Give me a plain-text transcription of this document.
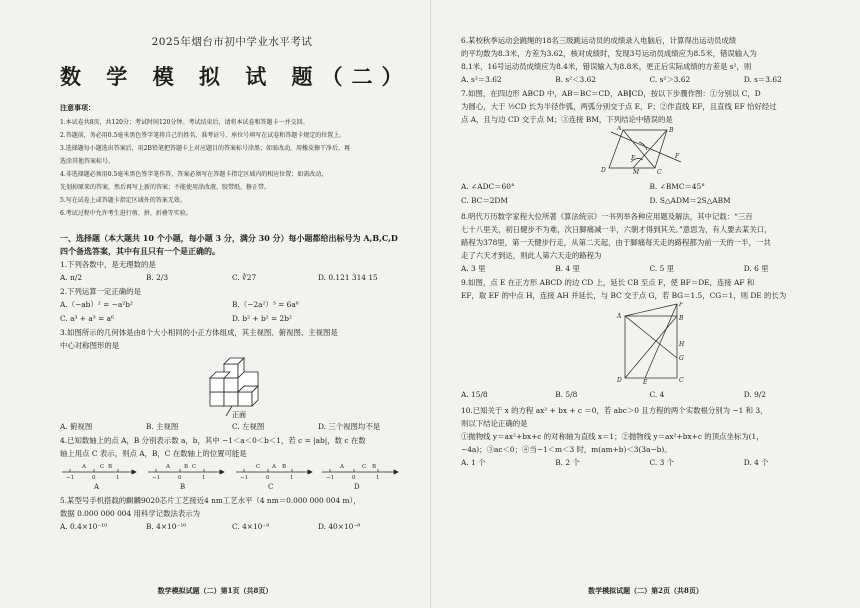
2025年烟台市初中学业水平考试
数 学 模 拟 试 题（二）
注意事项：
1.本试卷共8页，共120分；考试时间120分钟。考试结束后，请将本试卷和答题卡一并交回。
2.答题前，务必用0.5毫米黑色签字笔将自己的姓名、准考证号、座位号填写在试卷和答题卡规定的位置上。
3.选择题每小题选出答案后，用2B铅笔把答题卡上对应题目的答案标号涂黑；如需改动，用橡皮擦干净后，再
选涂其他答案标号。
4.非选择题必须用0.5毫米黑色签字笔作答，答案必须写在答题卡指定区域内的相应位置；如需改动，
先划掉原来的答案，然后再写上新的答案；不能使用涂改液、胶带纸、修正带。
5.写在试卷上或答题卡指定区域外的答案无效。
6.考试过程中允许考生进行剪、拼、折叠等实验。
一、选择题（本大题共 10 个小题，每小题 3 分，满分 30 分）每小题都给出标号为 A,B,C,D
四个备选答案，其中有且只有一个是正确的。
1.下列各数中，是无理数的是
A. π/2	B. 2/3	C. ∛27	D. 0.121 314 15
2.下列运算一定正确的是
A.（−ab）² = −a²b²	B.（−2a²）³ = 6a⁶
C. a³ + a³ = a⁶	D. b² + b² = 2b²
3.如图所示的几何体是由8个大小相同的小正方体组成，其主视图、俯视图、主视图是
中心对称图形的是
正面
A. 俯视图	B. 主视图	C. 左视图	D. 三个视图均不是
4.已知数轴上的点 A，B 分别表示数 a，b，其中 −1＜a＜0＜b＜1，若 c = |ab|，数 c 在数
轴上用点 C 表示，则点 A，B，C 在数轴上的位置可能是
−1	0	1	−1	0	1	−1	0	1	−1	0	1
A	C B	A	B C	C A B	A	C B
A	B	C	D
5.某型号手机搭载的麒麟9020芯片工艺接近4 nm工艺水平（4 nm＝0.000 000 004 m），
数据 0.000 000 004 用科学记数法表示为
A. 0.4×10⁻¹⁰	B. 4×10⁻¹⁰	C. 4×10⁻⁹	D. 40×10⁻⁸
数学模拟试题（二）第1页（共8页）
6.某校秋季运动会跳绳的18名三级跳运动员的成绩录入电脑后，计算得出运动员成绩
的平均数为8.3米，方差为3.62，核对成绩时，发现3号运动员成绩应为8.5米，错误输入为
8.1米，16号运动员成绩应为8.4米，错误输入为8.8米，更正后实际成绩的方差是 s²，则
A. s²＝3.62	B. s²＜3.62	C. s²＞3.62	D. s＝3.62
7.如图，在四边形 ABCD 中，AB＝BC＝CD，AB∥CD，按以下步骤作图：①分别以 C，D
为圆心，大于 ½CD 长为半径作弧，两弧分别交于点 E，F；②作直线 EF，且直线 EF 恰好经过
点 A，且与边 CD 交于点 M；③连接 BM，下列结论中错误的是
A	B
C
D
E
M
F
A. ∠ADC＝60°	B. ∠BMC＝45°
C. BC＝2DM	D. S△ADM＝2S△ABM
8.明代万历数学家程大位所著《算法统宗》一书列举各种应用题及解法，其中记载：“三百
七十八里关，初日健步不为难，次日脚痛减一半，六朝才得到其关。”意思为，有人要去某关口，
路程为378里，第一天健步行走，从第二天起，由于脚痛每天走的路程都为前一天的一半，一共
走了六天才到达，则此人第六天走的路程为
A. 3 里	B. 4 里	C. 5 里	D. 6 里
9.如图，点 E 在正方形 ABCD 的边 CD 上，延长 CB 至点 F，使 BF＝DE，连接 AF 和
EF，取 EF 的中点 H，连接 AH 并延长，与 BC 交于点 G，若 BG＝1.5，CG＝1，则 DE 的长为
A
F
B
H
G
D	E	C
A. 15/8	B. 5/8	C. 4	D. 9/2
10.已知关于 x 的方程 ax² + bx + c ＝0，若 abc＞0 且方程的两个实数根分别为 −1 和 3，
则以下结论正确的是
①抛物线 y＝ax²+bx+c 的对称轴为直线 x＝1；②抛物线 y＝ax²+bx+c 的顶点坐标为(1，
−4a)；③ac＜0；④当−1＜m＜3 时，m(am+b)＜3(3a−b)。
A. 1 个	B. 2 个	C. 3 个	D. 4 个
数学模拟试题（二）第2页（共8页）
